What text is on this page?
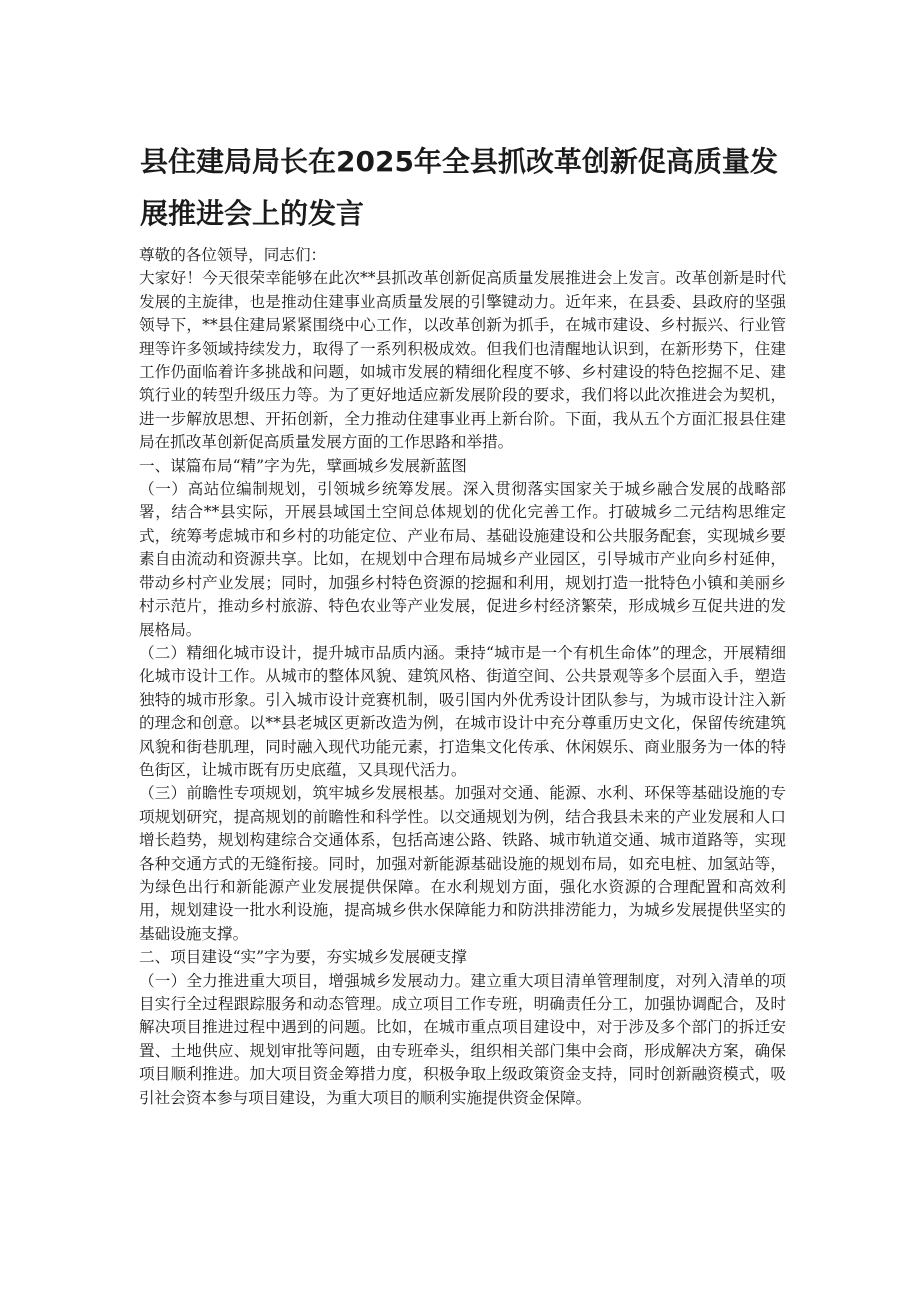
县住建局局长在2025年全县抓改革创新促高质量发展推进会上的发言

尊敬的各位领导，同志们：

大家好！今天很荣幸能够在此次**县抓改革创新促高质量发展推进会上发言。改革创新是时代发展的主旋律，也是推动住建事业高质量发展的引擎键动力。近年来，在县委、县政府的坚强领导下，**县住建局紧紧围绕中心工作，以改革创新为抓手，在城市建设、乡村振兴、行业管理等许多领域持续发力，取得了一系列积极成效。但我们也清醒地认识到，在新形势下，住建工作仍面临着许多挑战和问题，如城市发展的精细化程度不够、乡村建设的特色挖掘不足、建筑行业的转型升级压力等。为了更好地适应新发展阶段的要求，我们将以此次推进会为契机，进一步解放思想、开拓创新，全力推动住建事业再上新台阶。下面，我从五个方面汇报县住建局在抓改革创新促高质量发展方面的工作思路和举措。

一、谋篇布局“精”字为先，擘画城乡发展新蓝图

（一）高站位编制规划，引领城乡统筹发展。深入贯彻落实国家关于城乡融合发展的战略部署，结合**县实际，开展县域国土空间总体规划的优化完善工作。打破城乡二元结构思维定式，统筹考虑城市和乡村的功能定位、产业布局、基础设施建设和公共服务配套，实现城乡要素自由流动和资源共享。比如，在规划中合理布局城乡产业园区，引导城市产业向乡村延伸，带动乡村产业发展；同时，加强乡村特色资源的挖掘和利用，规划打造一批特色小镇和美丽乡村示范片，推动乡村旅游、特色农业等产业发展，促进乡村经济繁荣，形成城乡互促共进的发展格局。

（二）精细化城市设计，提升城市品质内涵。秉持“城市是一个有机生命体”的理念，开展精细化城市设计工作。从城市的整体风貌、建筑风格、街道空间、公共景观等多个层面入手，塑造独特的城市形象。引入城市设计竞赛机制，吸引国内外优秀设计团队参与，为城市设计注入新的理念和创意。以**县老城区更新改造为例，在城市设计中充分尊重历史文化，保留传统建筑风貌和街巷肌理，同时融入现代功能元素，打造集文化传承、休闲娱乐、商业服务为一体的特色街区，让城市既有历史底蕴，又具现代活力。

（三）前瞻性专项规划，筑牢城乡发展根基。加强对交通、能源、水利、环保等基础设施的专项规划研究，提高规划的前瞻性和科学性。以交通规划为例，结合我县未来的产业发展和人口增长趋势，规划构建综合交通体系，包括高速公路、铁路、城市轨道交通、城市道路等，实现各种交通方式的无缝衔接。同时，加强对新能源基础设施的规划布局，如充电桩、加氢站等，为绿色出行和新能源产业发展提供保障。在水利规划方面，强化水资源的合理配置和高效利用，规划建设一批水利设施，提高城乡供水保障能力和防洪排涝能力，为城乡发展提供坚实的基础设施支撑。

二、项目建设“实”字为要，夯实城乡发展硬支撑

（一）全力推进重大项目，增强城乡发展动力。建立重大项目清单管理制度，对列入清单的项目实行全过程跟踪服务和动态管理。成立项目工作专班，明确责任分工，加强协调配合，及时解决项目推进过程中遇到的问题。比如，在城市重点项目建设中，对于涉及多个部门的拆迁安置、土地供应、规划审批等问题，由专班牵头，组织相关部门集中会商，形成解决方案，确保项目顺利推进。加大项目资金筹措力度，积极争取上级政策资金支持，同时创新融资模式，吸引社会资本参与项目建设，为重大项目的顺利实施提供资金保障。
